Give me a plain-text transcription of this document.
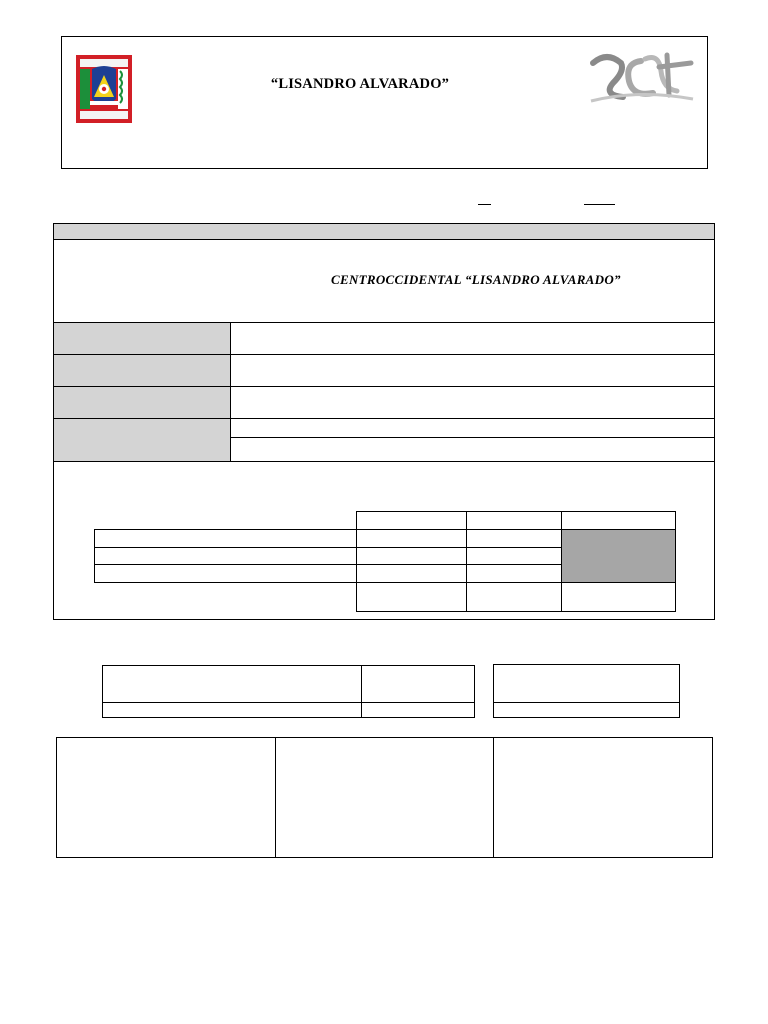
“LISANDRO ALVARADO”
CENTROCCIDENTAL “LISANDRO ALVARADO”
